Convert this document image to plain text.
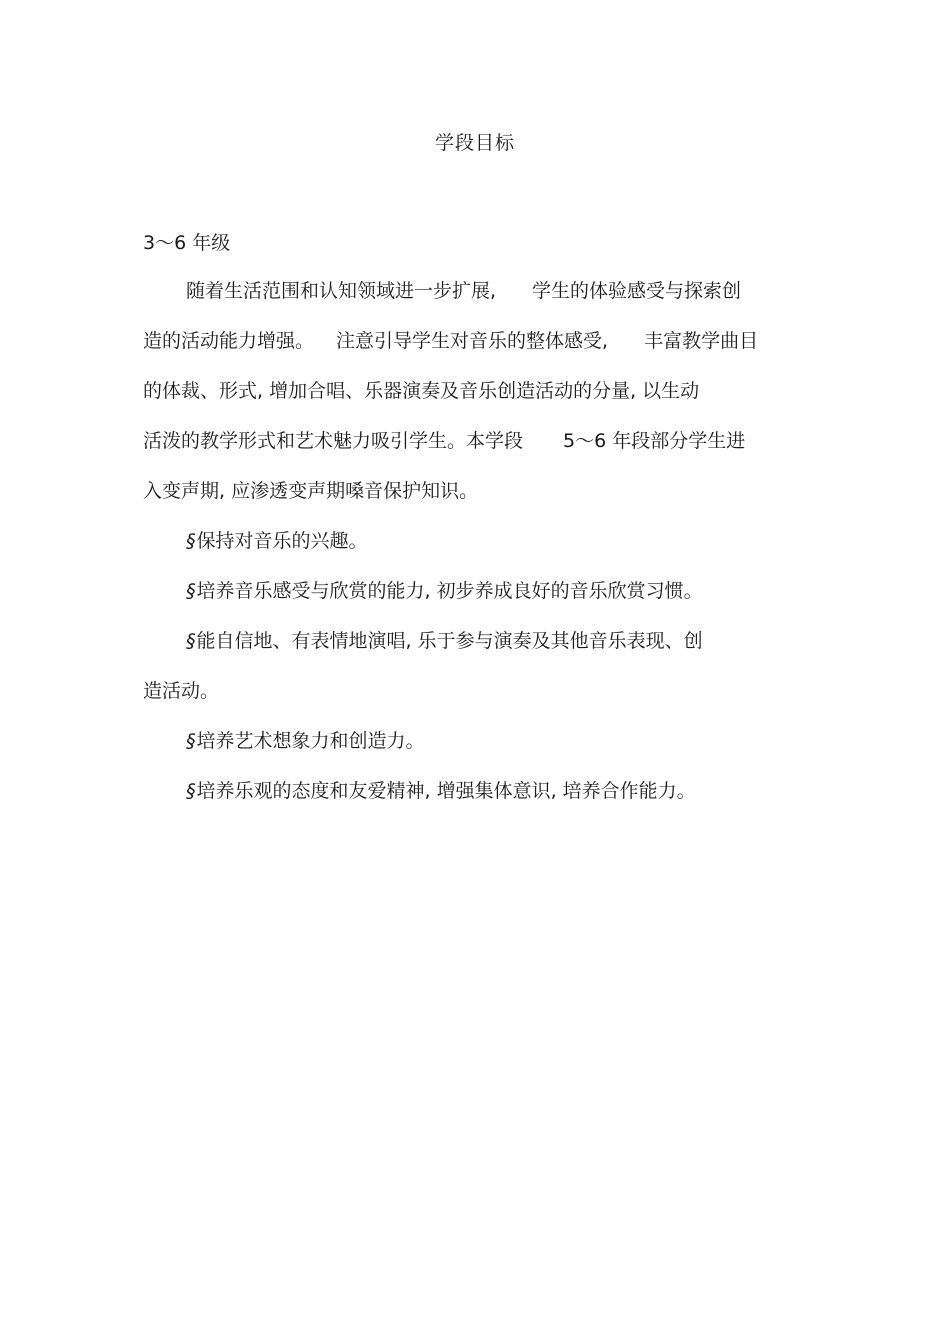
学段目标
3～6 年级
随着生活范围和认知领域进一步扩展, 学生的体验感受与探索创
造的活动能力增强。 注意引导学生对音乐的整体感受, 丰富教学曲目
的体裁、形式, 增加合唱、乐器演奏及音乐创造活动的分量, 以生动
活泼的教学形式和艺术魅力吸引学生。本学段 5～6 年段部分学生进
入变声期, 应渗透变声期嗓音保护知识。
§保持对音乐的兴趣。
§培养音乐感受与欣赏的能力, 初步养成良好的音乐欣赏习惯。
§能自信地、有表情地演唱, 乐于参与演奏及其他音乐表现、创
造活动。
§培养艺术想象力和创造力。
§培养乐观的态度和友爱精神, 增强集体意识, 培养合作能力。
